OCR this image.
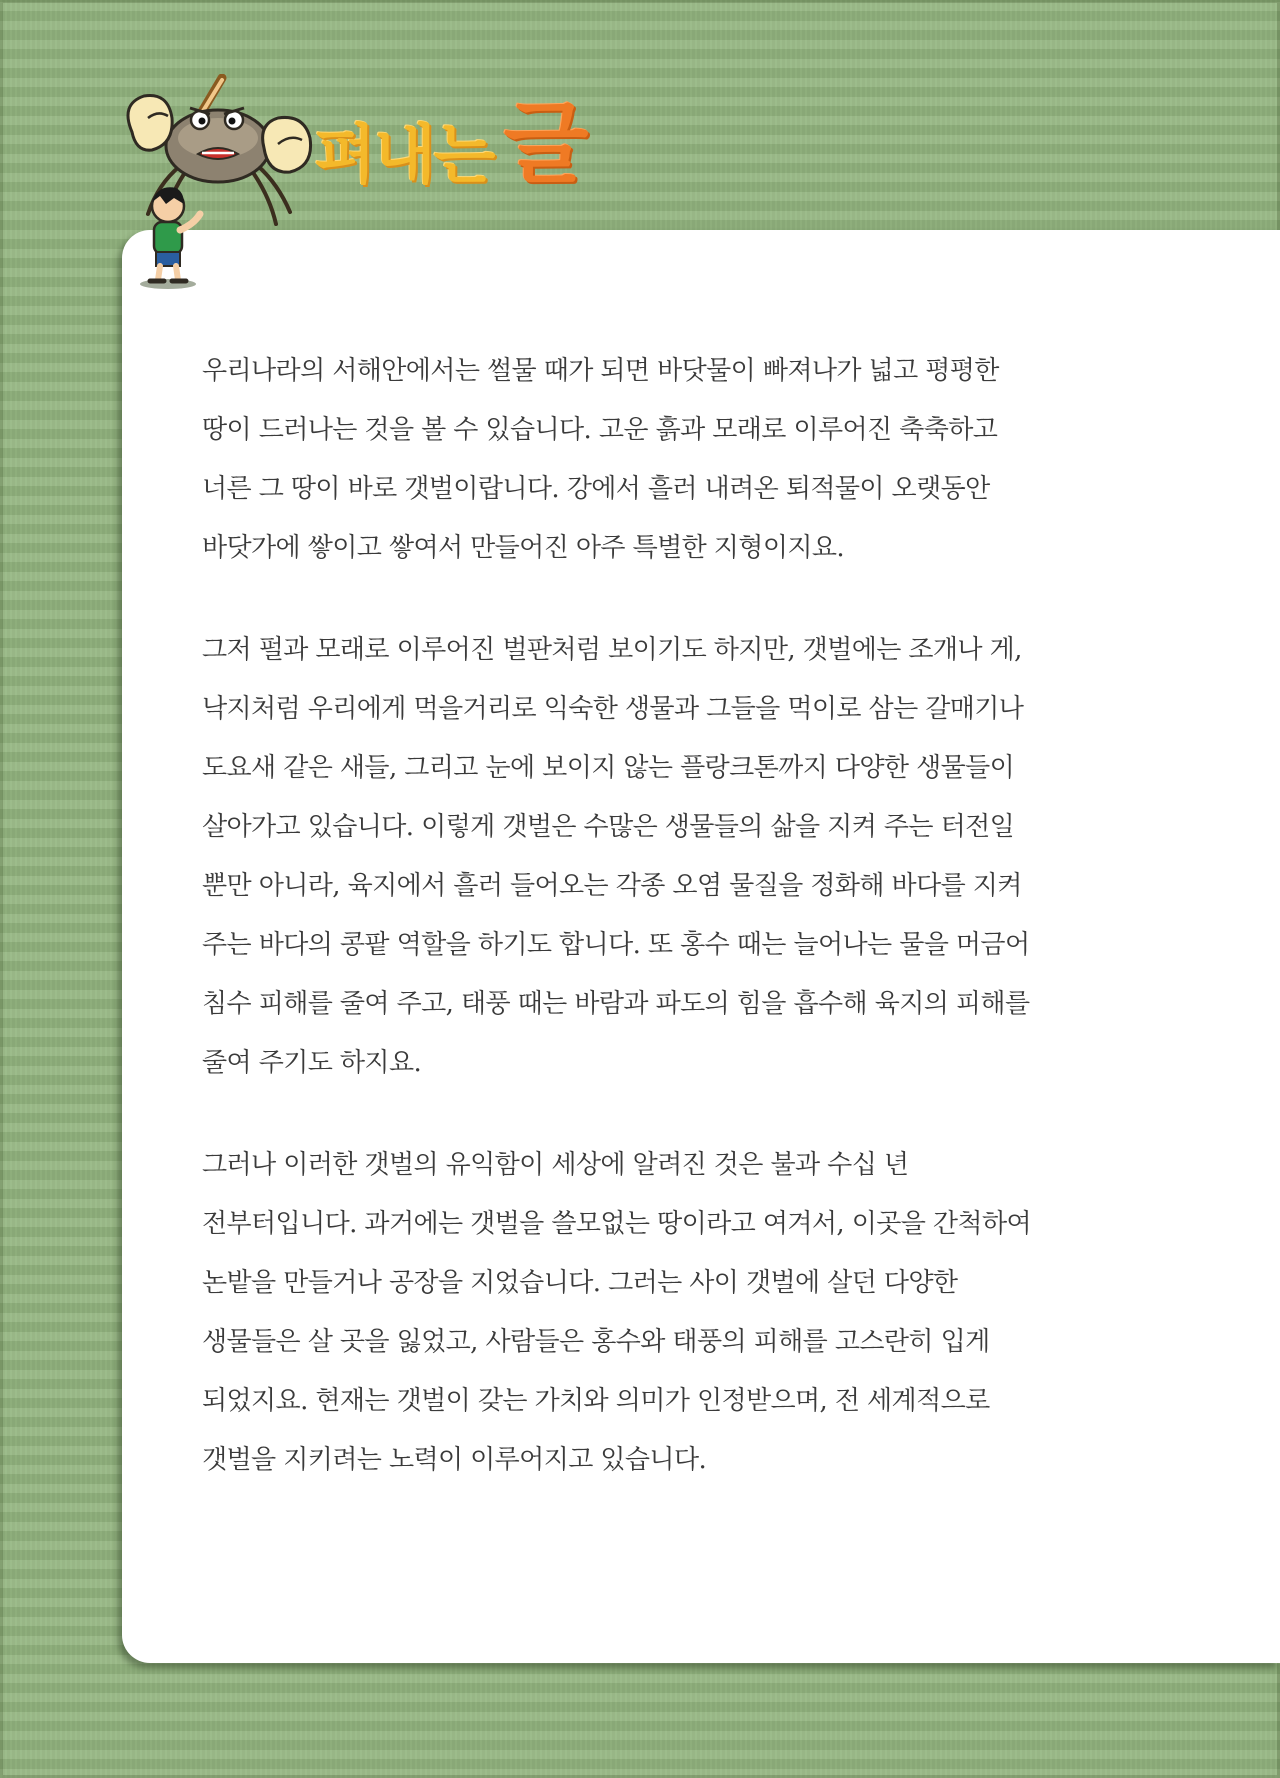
펴내는 글

우리나라의 서해안에서는 썰물 때가 되면 바닷물이 빠져나가 넓고 평평한
땅이 드러나는 것을 볼 수 있습니다. 고운 흙과 모래로 이루어진 축축하고
너른 그 땅이 바로 갯벌이랍니다. 강에서 흘러 내려온 퇴적물이 오랫동안
바닷가에 쌓이고 쌓여서 만들어진 아주 특별한 지형이지요.

그저 펄과 모래로 이루어진 벌판처럼 보이기도 하지만, 갯벌에는 조개나 게,
낙지처럼 우리에게 먹을거리로 익숙한 생물과 그들을 먹이로 삼는 갈매기나
도요새 같은 새들, 그리고 눈에 보이지 않는 플랑크톤까지 다양한 생물들이
살아가고 있습니다. 이렇게 갯벌은 수많은 생물들의 삶을 지켜 주는 터전일
뿐만 아니라, 육지에서 흘러 들어오는 각종 오염 물질을 정화해 바다를 지켜
주는 바다의 콩팥 역할을 하기도 합니다. 또 홍수 때는 늘어나는 물을 머금어
침수 피해를 줄여 주고, 태풍 때는 바람과 파도의 힘을 흡수해 육지의 피해를
줄여 주기도 하지요.

그러나 이러한 갯벌의 유익함이 세상에 알려진 것은 불과 수십 년
전부터입니다. 과거에는 갯벌을 쓸모없는 땅이라고 여겨서, 이곳을 간척하여
논밭을 만들거나 공장을 지었습니다. 그러는 사이 갯벌에 살던 다양한
생물들은 살 곳을 잃었고, 사람들은 홍수와 태풍의 피해를 고스란히 입게
되었지요. 현재는 갯벌이 갖는 가치와 의미가 인정받으며, 전 세계적으로
갯벌을 지키려는 노력이 이루어지고 있습니다.
